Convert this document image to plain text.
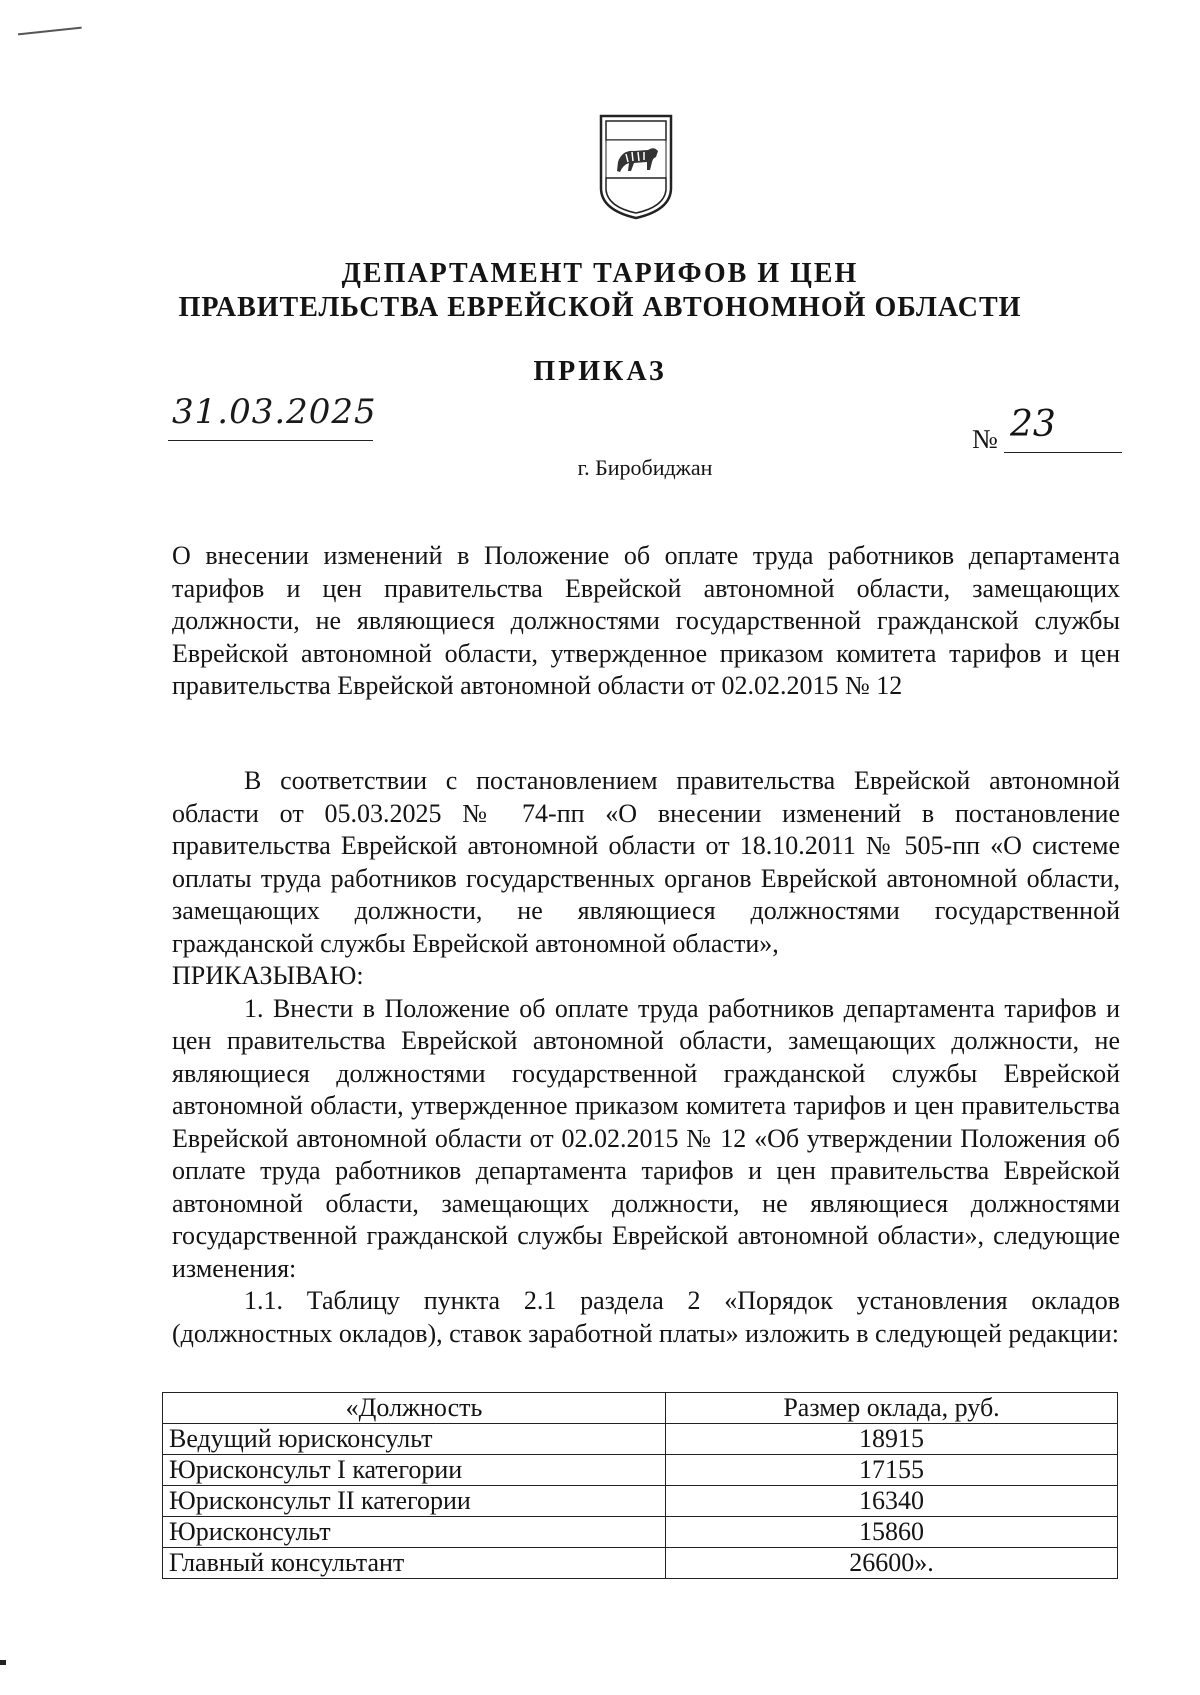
ДЕПАРТАМЕНТ ТАРИФОВ И ЦЕН
ПРАВИТЕЛЬСТВА ЕВРЕЙСКОЙ АВТОНОМНОЙ ОБЛАСТИ
ПРИКАЗ
31.03.2025
№ 23
г. Биробиджан

О внесении изменений в Положение об оплате труда работников департамента тарифов и цен правительства Еврейской автономной области, замещающих должности, не являющиеся должностями государственной гражданской службы Еврейской автономной области, утвержденное приказом комитета тарифов и цен правительства Еврейской автономной области от 02.02.2015 № 12

В соответствии с постановлением правительства Еврейской автономной области от 05.03.2025 № 74-пп «О внесении изменений в постановление правительства Еврейской автономной области от 18.10.2011 № 505-пп «О системе оплаты труда работников государственных органов Еврейской автономной области, замещающих должности, не являющиеся должностями государственной гражданской службы Еврейской автономной области»,

ПРИКАЗЫВАЮ:

1. Внести в Положение об оплате труда работников департамента тарифов и цен правительства Еврейской автономной области, замещающих должности, не являющиеся должностями государственной гражданской службы Еврейской автономной области, утвержденное приказом комитета тарифов и цен правительства Еврейской автономной области от 02.02.2015 № 12 «Об утверждении Положения об оплате труда работников департамента тарифов и цен правительства Еврейской автономной области, замещающих должности, не являющиеся должностями государственной гражданской службы Еврейской автономной области», следующие изменения:

1.1. Таблицу пункта 2.1 раздела 2 «Порядок установления окладов (должностных окладов), ставок заработной платы» изложить в следующей редакции:

«Должность	Размер оклада, руб.
Ведущий юрисконсульт	18915
Юрисконсульт I категории	17155
Юрисконсульт II категории	16340
Юрисконсульт	15860
Главный консультант	26600».
